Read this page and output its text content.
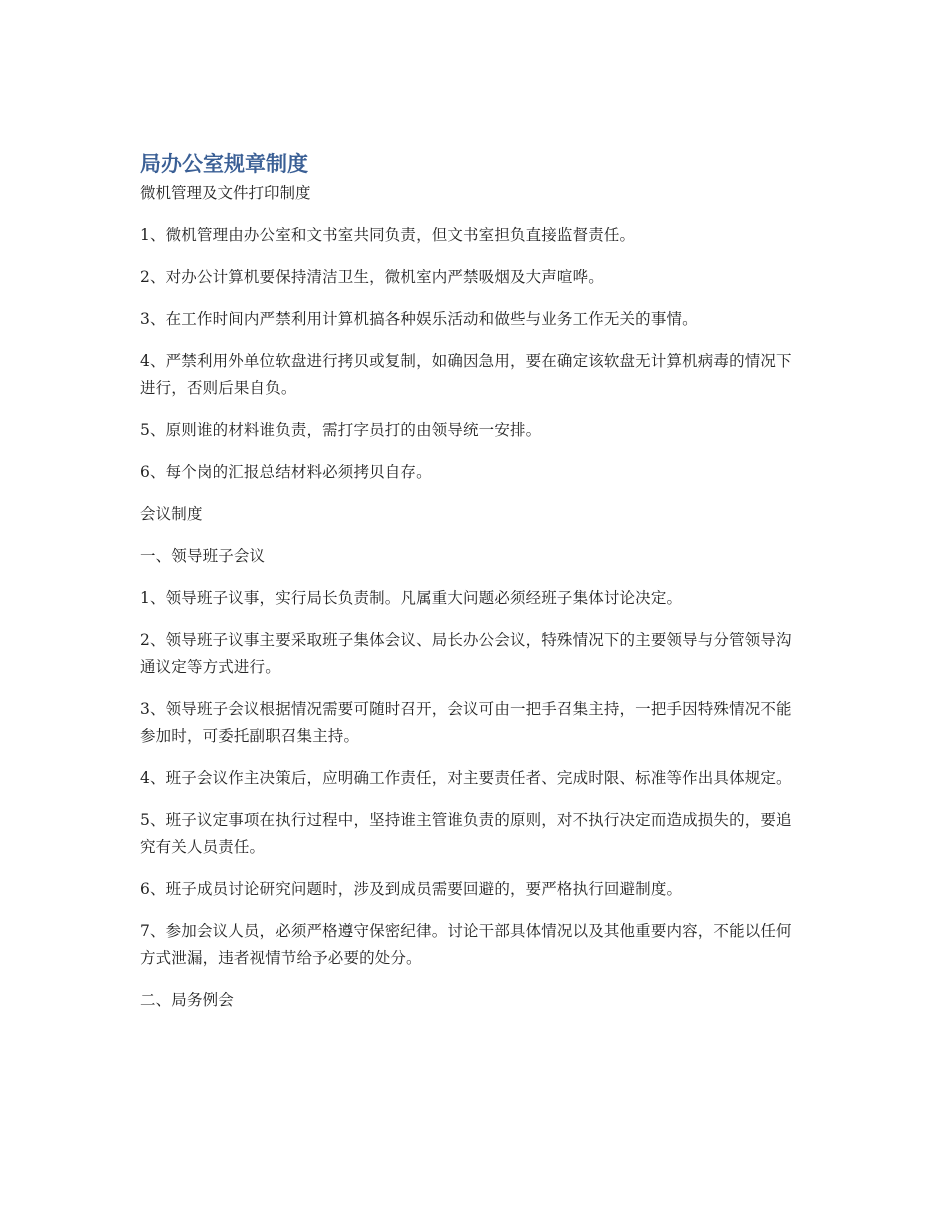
局办公室规章制度

微机管理及文件打印制度

1、微机管理由办公室和文书室共同负责，但文书室担负直接监督责任。

2、对办公计算机要保持清洁卫生，微机室内严禁吸烟及大声喧哗。

3、在工作时间内严禁利用计算机搞各种娱乐活动和做些与业务工作无关的事情。

4、严禁利用外单位软盘进行拷贝或复制，如确因急用，要在确定该软盘无计算机病毒的情况下进行，否则后果自负。

5、原则谁的材料谁负责，需打字员打的由领导统一安排。

6、每个岗的汇报总结材料必须拷贝自存。

会议制度

一、领导班子会议

1、领导班子议事，实行局长负责制。凡属重大问题必须经班子集体讨论决定。

2、领导班子议事主要采取班子集体会议、局长办公会议，特殊情况下的主要领导与分管领导沟通议定等方式进行。

3、领导班子会议根据情况需要可随时召开，会议可由一把手召集主持，一把手因特殊情况不能参加时，可委托副职召集主持。

4、班子会议作主决策后，应明确工作责任，对主要责任者、完成时限、标准等作出具体规定。

5、班子议定事项在执行过程中，坚持谁主管谁负责的原则，对不执行决定而造成损失的，要追究有关人员责任。

6、班子成员讨论研究问题时，涉及到成员需要回避的，要严格执行回避制度。

7、参加会议人员，必须严格遵守保密纪律。讨论干部具体情况以及其他重要内容，不能以任何方式泄漏，违者视情节给予必要的处分。

二、局务例会
